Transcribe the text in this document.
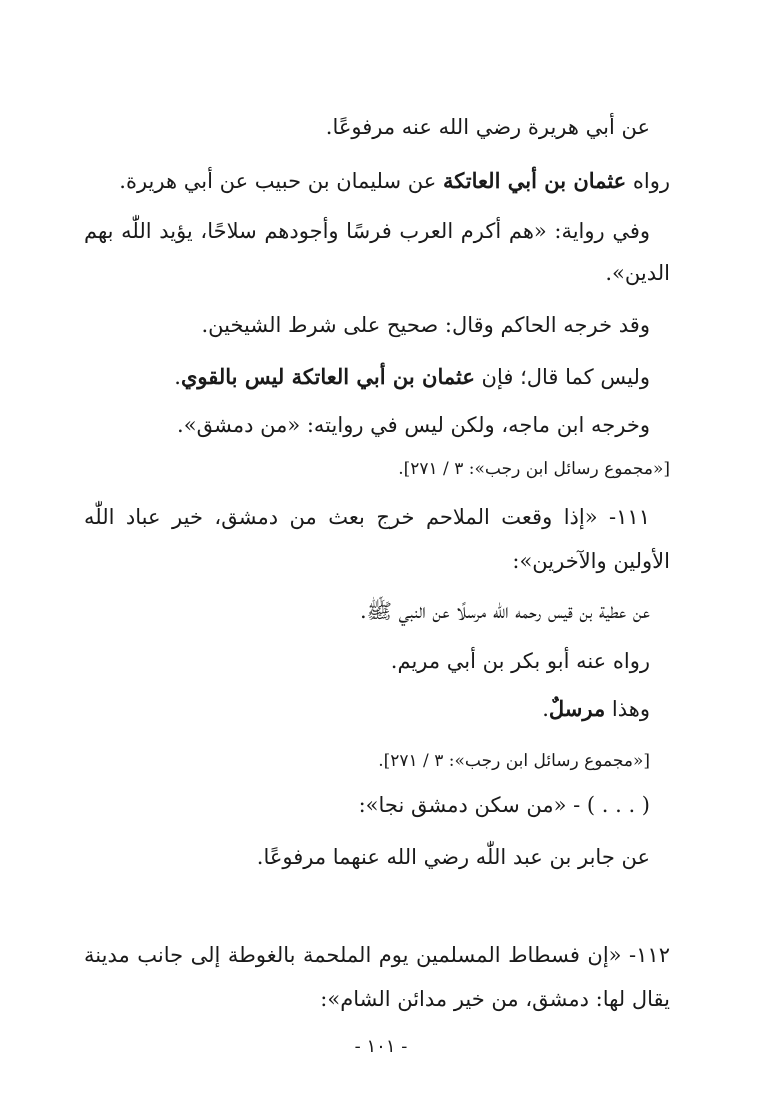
عن أبي هريرة رضي الله عنه مرفوعًا.
رواه عثمان بن أبي العاتكة عن سليمان بن حبيب عن أبي هريرة.
وفي رواية: «هم أكرم العرب فرسًا وأجودهم سلاحًا، يؤيد اللّٰه بهم
الدين».
وقد خرجه الحاكم وقال: صحيح على شرط الشيخين.
وليس كما قال؛ فإن عثمان بن أبي العاتكة ليس بالقوي.
وخرجه ابن ماجه، ولكن ليس في روايته: «من دمشق».
[«مجموع رسائل ابن رجب»: ٣ / ٢٧١].
١١١- «إذا وقعت الملاحم خرج بعث من دمشق، خير عباد اللّٰه
الأولين والآخرين»:
عن عطية بن قيس رحمه الله مرسلًا عن النبي ﷺ.
رواه عنه أبو بكر بن أبي مريم.
وهذا مرسلٌ.
[«مجموع رسائل ابن رجب»: ٣ / ٢٧١].
( . . . ) - «من سكن دمشق نجا»:
عن جابر بن عبد اللّٰه رضي الله عنهما مرفوعًا.
١١٢- «إن فسطاط المسلمين يوم الملحمة بالغوطة إلى جانب مدينة
يقال لها: دمشق، من خير مدائن الشام»:
- ١٠١ -
